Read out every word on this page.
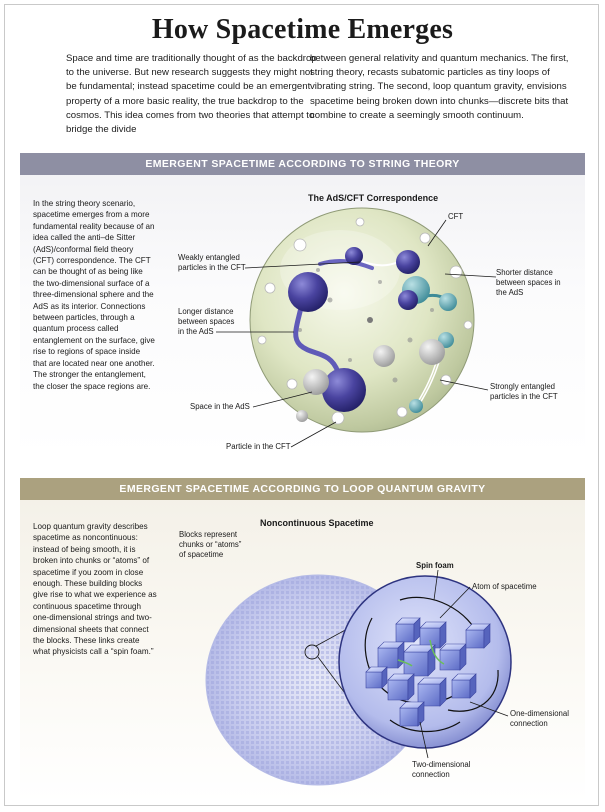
How Spacetime Emerges
Space and time are traditionally thought of as the backdrop to the universe. But new research suggests they might not be fundamental; instead spacetime could be an emergent property of a more basic reality, the true backdrop to the cosmos. This idea comes from two theories that attempt to bridge the divide
between general relativity and quantum mechanics. The first, string theory, recasts subatomic particles as tiny loops of vibrating string. The second, loop quantum gravity, envisions spacetime being broken down into chunks—discrete bits that combine to create a seemingly smooth continuum.
EMERGENT SPACETIME ACCORDING TO STRING THEORY
EMERGENT SPACETIME ACCORDING TO LOOP QUANTUM GRAVITY
In the string theory scenario, spacetime emerges from a more fundamental reality because of an idea called the anti–de Sitter (AdS)/conformal field theory (CFT) correspondence. The CFT can be thought of as being like the two-dimensional surface of a three-dimensional sphere and the AdS as its interior. Connections between particles, through a quantum process called entanglement on the surface, give rise to regions of space inside that are located near one another. The stronger the entanglement, the closer the space regions are.
Loop quantum gravity describes spacetime as noncontinuous: instead of being smooth, it is broken into chunks or “atoms” of spacetime if you zoom in close enough. These building blocks give rise to what we experience as continuous spacetime through one-dimensional strings and two-dimensional sheets that connect the blocks. These links create what physicists call a “spin foam.”
The AdS/CFT Correspondence
CFT
Weakly entangled particles in the CFT
Shorter distance between spaces in the AdS
Longer distance between spaces in the AdS
Strongly entangled particles in the CFT
Space in the AdS
Particle in the CFT
Noncontinuous Spacetime
Blocks represent chunks or “atoms” of spacetime
Spin foam
Atom of spacetime
One-dimensional connection
Two-dimensional connection
